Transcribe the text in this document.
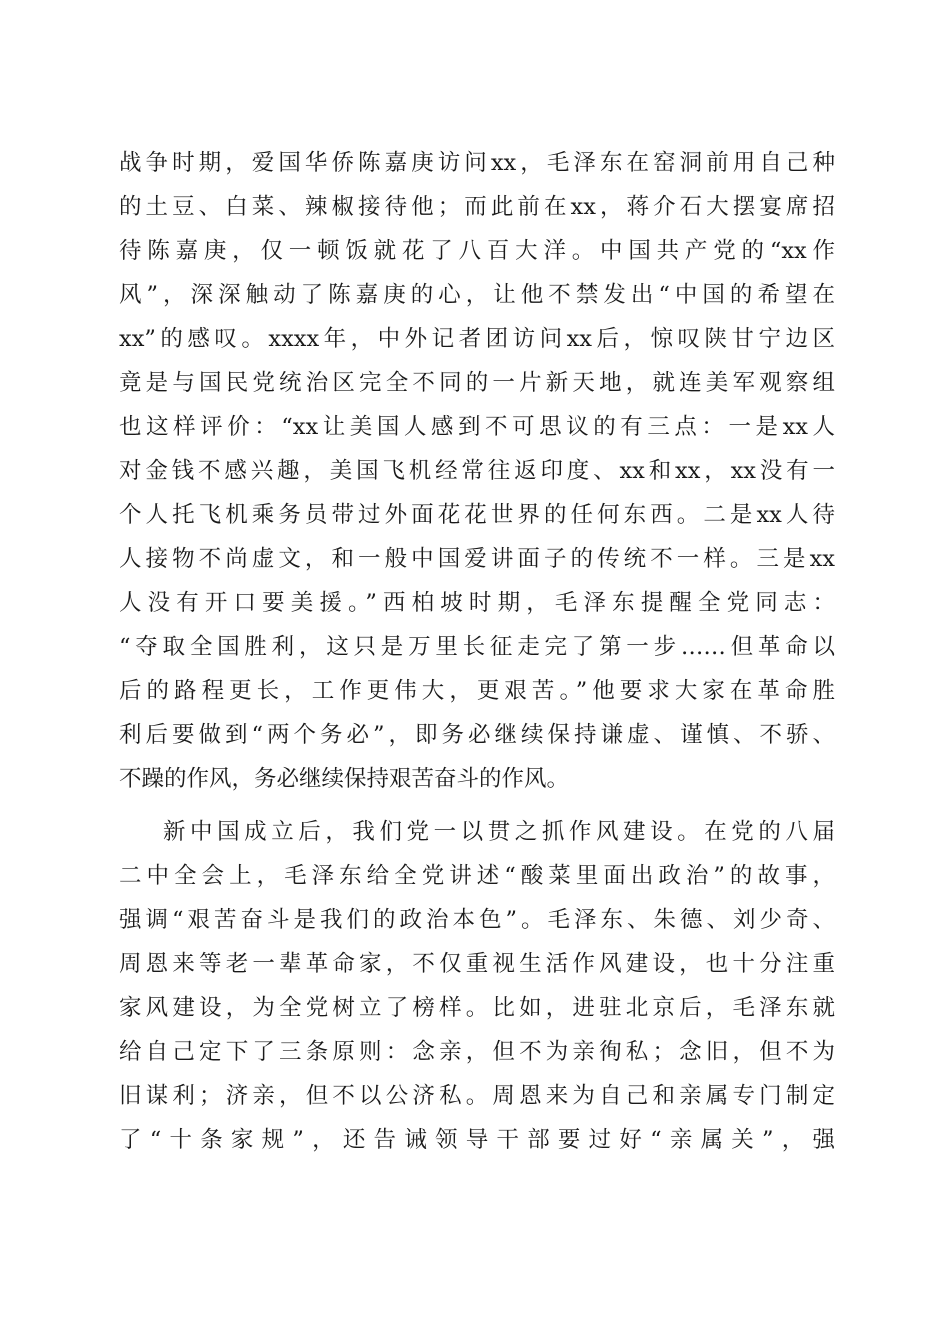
战争时期，爱国华侨陈嘉庚访问xx，毛泽东在窑洞前用自己种

的土豆、白菜、辣椒接待他；而此前在xx，蒋介石大摆宴席招

待陈嘉庚，仅一顿饭就花了八百大洋。中国共产党的“xx作

风”，深深触动了陈嘉庚的心，让他不禁发出“中国的希望在

xx”的感叹。xxxx年，中外记者团访问xx后，惊叹陕甘宁边区

竟是与国民党统治区完全不同的一片新天地，就连美军观察组

也这样评价：“xx让美国人感到不可思议的有三点：一是xx人

对金钱不感兴趣，美国飞机经常往返印度、xx和xx，xx没有一

个人托飞机乘务员带过外面花花世界的任何东西。二是xx人待

人接物不尚虚文，和一般中国爱讲面子的传统不一样。三是xx

人没有开口要美援。”西柏坡时期，毛泽东提醒全党同志：

“夺取全国胜利，这只是万里长征走完了第一步……但革命以

后的路程更长，工作更伟大，更艰苦。”他要求大家在革命胜

利后要做到“两个务必”，即务必继续保持谦虚、谨慎、不骄、

不躁的作风，务必继续保持艰苦奋斗的作风。

新中国成立后，我们党一以贯之抓作风建设。在党的八届

二中全会上，毛泽东给全党讲述“酸菜里面出政治”的故事，

强调“艰苦奋斗是我们的政治本色”。毛泽东、朱德、刘少奇、

周恩来等老一辈革命家，不仅重视生活作风建设，也十分注重

家风建设，为全党树立了榜样。比如，进驻北京后，毛泽东就

给自己定下了三条原则：念亲，但不为亲徇私；念旧，但不为

旧谋利；济亲，但不以公济私。周恩来为自己和亲属专门制定

了“十条家规”，还告诫领导干部要过好“亲属关”，强
